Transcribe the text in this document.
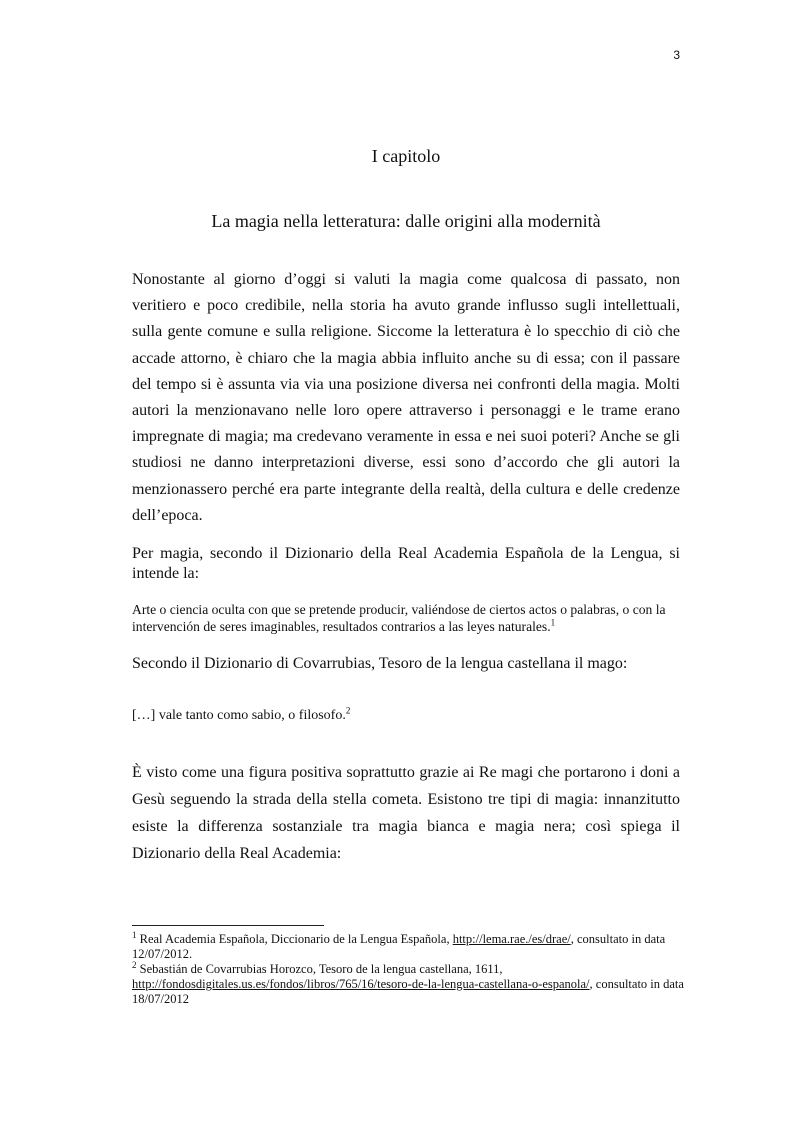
3
I capitolo
La magia nella letteratura: dalle origini alla modernità

Nonostante al giorno d’oggi si valuti la magia come qualcosa di passato, non veritiero e poco credibile, nella storia ha avuto grande influsso sugli intellettuali, sulla gente comune e sulla religione. Siccome la letteratura è lo specchio di ciò che accade attorno, è chiaro che la magia abbia influito anche su di essa; con il passare del tempo si è assunta via via una posizione diversa nei confronti della magia. Molti autori la menzionavano nelle loro opere attraverso i personaggi e le trame erano impregnate di magia; ma credevano veramente in essa e nei suoi poteri? Anche se gli studiosi ne danno interpretazioni diverse, essi sono d’accordo che gli autori la menzionassero perché era parte integrante della realtà, della cultura e delle credenze dell’epoca.

Per magia, secondo il Dizionario della Real Academia Española de la Lengua, si intende la:

Arte o ciencia oculta con que se pretende producir, valiéndose de ciertos actos o palabras, o con la intervención de seres imaginables, resultados contrarios a las leyes naturales.$^1$

Secondo il Dizionario di Covarrubias, Tesoro de la lengua castellana il mago:

[…] vale tanto como sabio, o filosofo.$^2$

È visto come una figura positiva soprattutto grazie ai Re magi che portarono i doni a Gesù seguendo la strada della stella cometa. Esistono tre tipi di magia: innanzitutto esiste la differenza sostanziale tra magia bianca e magia nera; così spiega il Dizionario della Real Academia:

$^1$ Real Academia Española, Diccionario de la Lengua Española, http://lema.rae./es/drae/, consultato in data 12/07/2012.
$^2$ Sebastián de Covarrubias Horozco, Tesoro de la lengua castellana, 1611, http://fondosdigitales.us.es/fondos/libros/765/16/tesoro-de-la-lengua-castellana-o-espanola/, consultato in data 18/07/2012
